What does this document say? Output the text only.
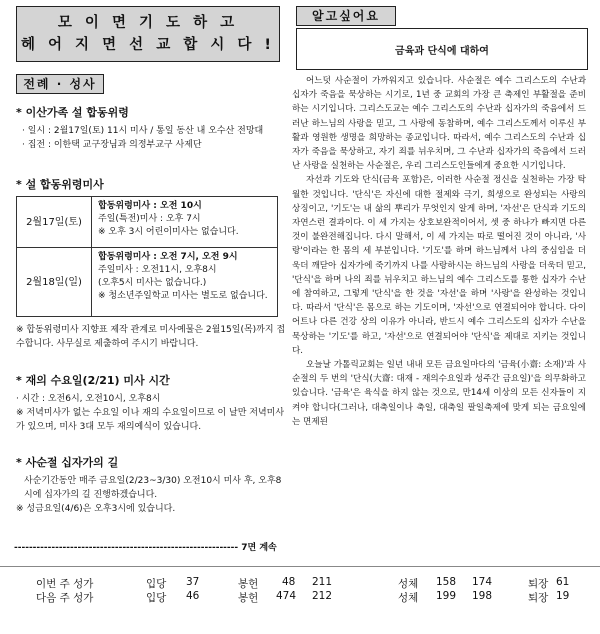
모 이 면 기 도 하 고
헤 어 지 면 선 교 합 시 다 !
전례 · 성사
* 이산가족 설 합동위령
· 일시 : 2월17일(토) 11시 미사 / 통일 동산 내 오수산 전망대
· 집전 : 이한택 교구장님과 의정부교구 사제단
* 설 합동위령미사
2월17일(토)	합동위령미사 : 오전 10시
주일(특전)미사 : 오후 7시
※ 오후 3시 어린이미사는 없습니다.

2월18일(일)	합동위령미사 : 오전 7시, 오전 9시
주일미사 : 오전11시, 오후8시
(오후5시 미사는 없습니다.)
※ 청소년주일학교 미사는 별도로 없습니다.
※ 합동위령미사 지향표 제작 관계로 미사예물은 2월15일(목)까지 접수합니다. 사무실로 제출하여 주시기 바랍니다.
* 재의 수요일(2/21) 미사 시간
· 시간 : 오전6시, 오전10시, 오후8시
※ 저녁미사가 없는 수요일 이나 재의 수요일이므로 이 날만 저녁미사가 있으며, 미사 3대 모두 재의예식이 있습니다.
* 사순절 십자가의 길
사순기간동안 매주 금요일(2/23~3/30) 오전10시 미사 후, 오후8시에 십자가의 길 진행하겠습니다.
※ 성금요일(4/6)은 오후3시에 있습니다.
------------------------------------------------------------ 7면 계속
알고싶어요
금육과 단식에 대하여

어느덧 사순절이 가까워지고 있습니다. 사순절은 예수 그리스도의 수난과 십자가 죽음을 묵상하는 시기로, 1년 중 교회의 가장 큰 축제인 부활절을 준비하는 시기입니다. 그리스도교는 예수 그리스도의 수난과 십자가의 죽음에서 드러난 하느님의 사랑을 믿고, 그 사랑에 동참하며, 예수 그리스도께서 이루신 부활과 영원한 생명을 희망하는 종교입니다. 따라서, 예수 그리스도의 수난과 십자가 죽음을 묵상하고, 자기 죄를 뉘우치며, 그 수난과 십자가의 죽음에서 드러난 사랑을 실천하는 사순절은, 우리 그리스도인들에게 중요한 시기입니다.

자선과 기도와 단식(금육 포함)은, 이러한 사순절 정신을 실천하는 가장 탁월한 것입니다. '단식'은 자신에 대한 절제와 극기, 희생으로 완성되는 사랑의 상징이고, '기도'는 내 삶의 뿌리가 무엇인지 알게 하며, '자선'은 단식과 기도의 자연스런 결과이다. 이 세 가지는 상호보완적이어서, 셋 중 하나가 빠지면 다른 것이 불완전해집니다. 다시 말해서, 이 세 가지는 따로 떨어진 것이 아니라, '사랑'이라는 한 몸의 세 부분입니다. '기도'를 하며 하느님께서 나의 중심임을 더욱더 깨닫아 십자가에 죽기까지 나를 사랑하시는 하느님의 사랑을 더욱더 믿고, '단식'을 하며 나의 죄를 뉘우치고 하느님의 예수 그리스도를 통한 십자가 수난에 참여하고, 그렇게 '단식'을 한 것을 '자선'을 하며 '사랑'을 완성하는 것입니다. 따라서 '단식'은 몸으로 하는 기도이며, '자선'으로 연결되어야 합니다. 다이어트나 다른 건강 상의 이유가 아니라, 반드시 예수 그리스도의 십자가 수난을 묵상하는 '기도'를 하고, '자선'으로 연결되어야 '단식'을 제대로 지키는 것입니다.

오늘날 가톨릭교회는 일년 내내 모든 금요일마다의 '금육(小齋: 소재)'과 사순절의 두 번의 '단식(大齋: 대재 - 재의수요일과 성주간 금요일)'을 의무화하고 있습니다. '금육'은 육식을 하지 않는 것으로, 만14세 이상의 모든 신자들이 지켜야 합니다(그러나, 대축일이나 축일, 대축일 팔일축제에 맞게 되는 금요일에는 면제된

이번 주 성가	입당 37	봉헌 48 211	성체 158 174	퇴장 61
다음 주 성가	입당 46	봉헌 474 212	성체 199 198	퇴장 19
